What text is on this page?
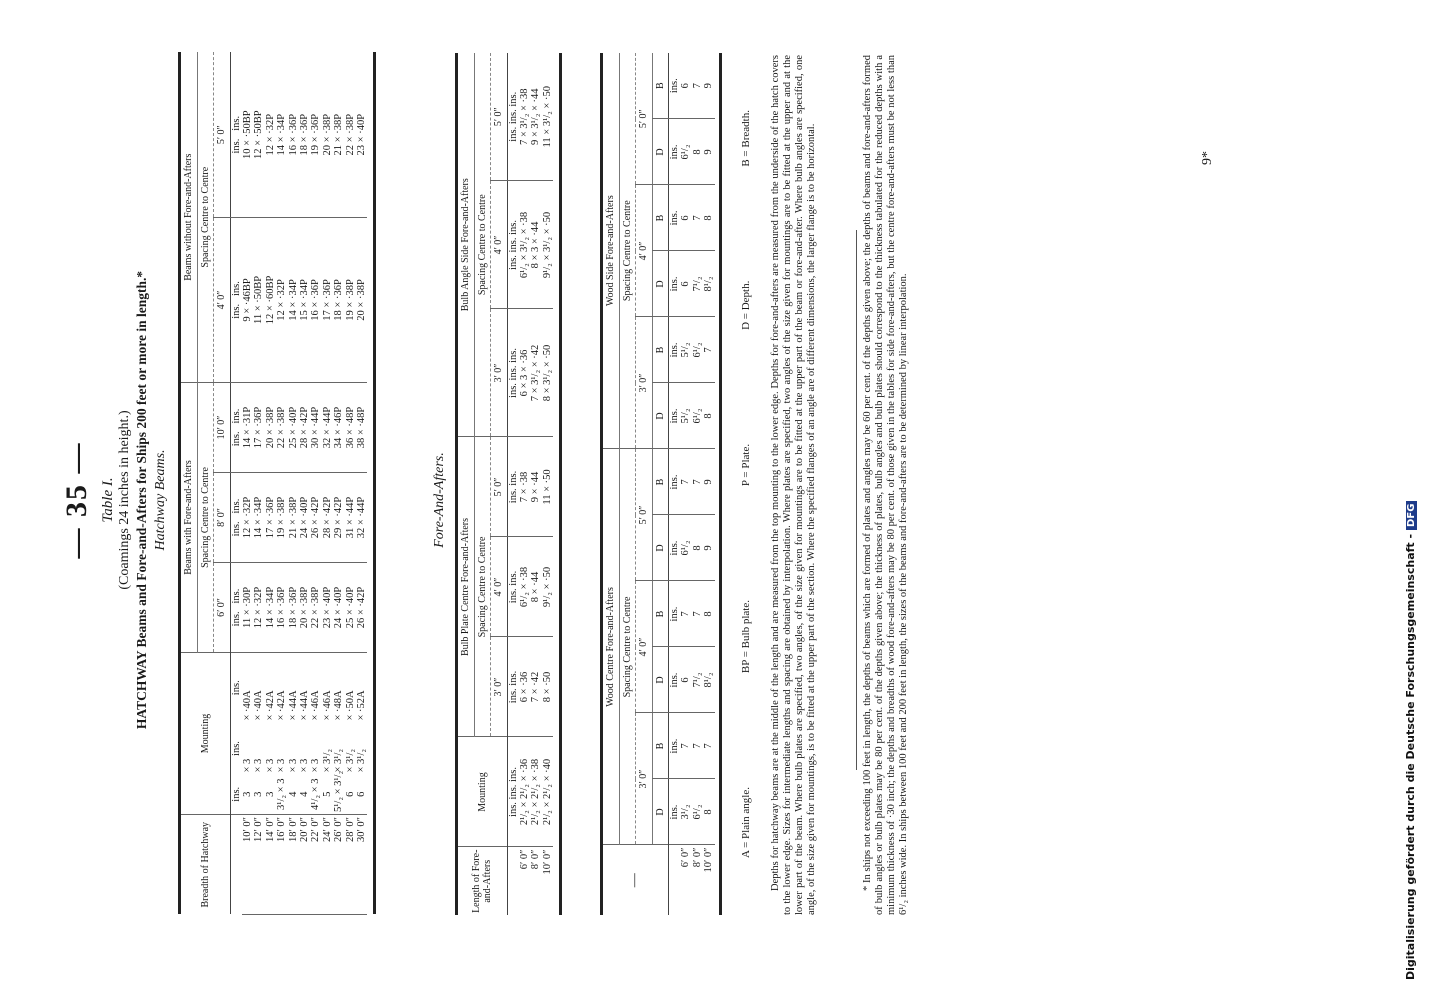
— 35 —
Table I. (Coamings 24 inches in height.) HATCHWAY Beams and Fore-and-Afters for Ships 200 feet or more in length.* Hatchway Beams.
Breadth of Hatchway	Mounting			Beams with Fore-and-Afters			Beams without Fore-and-Afters	
				Spacing Centre to Centre			Spacing Centre to Centre	
				6′ 0″	8′ 0″	10′ 0″	4′ 0″	5′ 0″
	ins.	ins.	ins.	ins.   ins.	ins.   ins.	ins.   ins.	ins.   ins.	ins.   ins.
10′ 0″	3	× 3	× ·40A	11 × ·30P	12 × ·32P	14 × ·31P	9 × ·46BP	10 × ·50BP
12′ 0″	3	× 3	× ·40A	12 × ·32P	14 × ·34P	17 × ·36P	11 × ·50BP	12 × ·50BP
14′ 0″	3	× 3	× ·42A	14 × ·34P	17 × ·36P	20 × ·38P	12 × ·60BP	12 × ·32P
16′ 0″	3¹/₂ × 3	× 3	× ·42A	16 × ·36P	19 × ·38P	22 × ·38P	12 × ·32P	14 × ·34P
18′ 0″	4	× 3	× ·44A	18 × ·36P	21 × ·38P	25 × ·40P	14 × ·34P	16 × ·36P
20′ 0″	4	× 3	× ·44A	20 × ·38P	24 × ·40P	28 × ·42P	15 × ·34P	18 × ·36P
22′ 0″	4¹/₂ × 3	× 3	× ·46A	22 × ·38P	26 × ·42P	30 × ·44P	16 × ·36P	19 × ·36P
24′ 0″	5	× 3¹/₂	× ·46A	23 × ·40P	28 × ·42P	32 × ·44P	17 × ·36P	20 × ·38P
26′ 0″	5¹/₂ × 3¹/₂	× 3¹/₂	× ·48A	24 × ·40P	29 × ·42P	34 × ·46P	18 × ·36P	21 × ·38P
28′ 0″	6	× 3¹/₂	× ·50A	25 × ·40P	31 × ·44P	36 × ·48P	19 × ·38P	22 × ·38P
30′ 0″	6	× 3¹/₂	× ·52A	26 × ·42P	32 × ·44P	38 × ·48P	20 × ·38P	23 × ·40P

Fore-And-Afters.
Length of Fore-and-Afters	Mounting	Bulb Plate Centre Fore-and-Afters			Bulb Angle Side Fore-and-Afters		
		Spacing Centre to Centre			Spacing Centre to Centre		
		3′ 0″	4′ 0″	5′ 0″	3′ 0″	4′ 0″	5′ 0″
	ins. ins. ins.	ins. ins.	ins. ins.	ins. ins.	ins. ins. ins.	ins. ins. ins.	ins. ins. ins.
6′ 0″	2¹/₂ × 2¹/₂ × ·36	6 × ·36	6¹/₂ × ·38	7 × ·38	6 × 3 × ·36	6¹/₂ × 3¹/₂ × ·38	7 × 3¹/₂ × ·38
8′ 0″	2¹/₂ × 2¹/₂ × ·38	7 × ·42	8 × ·44	9 × ·44	7 × 3¹/₂ × ·42	8 × 3 × ·44	9 × 3¹/₂ × ·44
10′ 0″	2¹/₂ × 2¹/₂ × ·40	8 × ·50	9¹/₂ × ·50	11 × ·50	8 × 3¹/₂ × ·50	9¹/₂ × 3¹/₂ × ·50	11 × 3¹/₂ × ·50

—	Wood Centre Fore-and-Afters						Wood Side Fore-and-Afters					
	Spacing Centre to Centre						Spacing Centre to Centre					
	3′ 0″		4′ 0″		5′ 0″		3′ 0″		4′ 0″		5′ 0″	
	D	B	D	B	D	B	D	B	D	B	D	B
	ins.	ins.	ins.	ins.	ins.	ins.	ins.	ins.	ins.	ins.	ins.	ins.
6′ 0″	3¹/₂	7	6	7	6¹/₂	7	5¹/₂	5¹/₂	6	6	6¹/₂	6
8′ 0″	6¹/₂	7	7¹/₂	7	8	7	6¹/₂	6¹/₂	7¹/₂	7	8	7
10′ 0″	8	7	8¹/₂	8	9	9	8	7	8¹/₂	8	9	9

A = Plain angle.
BP = Bulb plate.
P = Plate.
D = Depth.
B = Breadth. Depths for hatchway beams are at the middle of the length and are measured from the top mounting to the lower edge. Depths for fore-and-afters are measured from the underside of the hatch covers to the lower edge. Sizes for intermediate lengths and spacing are obtained by interpolation. Where plates are specified, two angles of the size given for mountings are to be fitted at the upper and at the lower part of the beam. Where bulb plates are specified, two angles, of the size given for mountings are to be fitted at the upper part of the beam or fore-and-after. Where bulb angles are specified, one angle, of the size given for mountings, is to be fitted at the upper part of the section. Where the specified flanges of an angle are of different dimensions, the larger flange is to be horizontal.	* In ships not exceeding 100 feet in length, the depths of beams which are formed of plates and angles may be 60 per cent. of the depths given above; the depths of beams and fore-and-afters formed of bulb angles or bulb plates may be 80 per cent. of the depths given above; the thickness of plates, bulb angles and bulb plates should correspond to the thickness tabulated for the reduced depths with a minimum thickness of ·30 inch; the depths and breadths of wood fore-and-afters may be 80 per cent. of those given in the tables for side fore-and-afters, but the centre fore-and-afters must be not less than 6¹/₂ inches wide. In ships between 100 feet and 200 feet in length, the sizes of the beams and fore-and-afters are to be determined by linear interpolation.
9*
Digitalisierung gefördert durch die Deutsche Forschungsgemeinschaft -DFG
